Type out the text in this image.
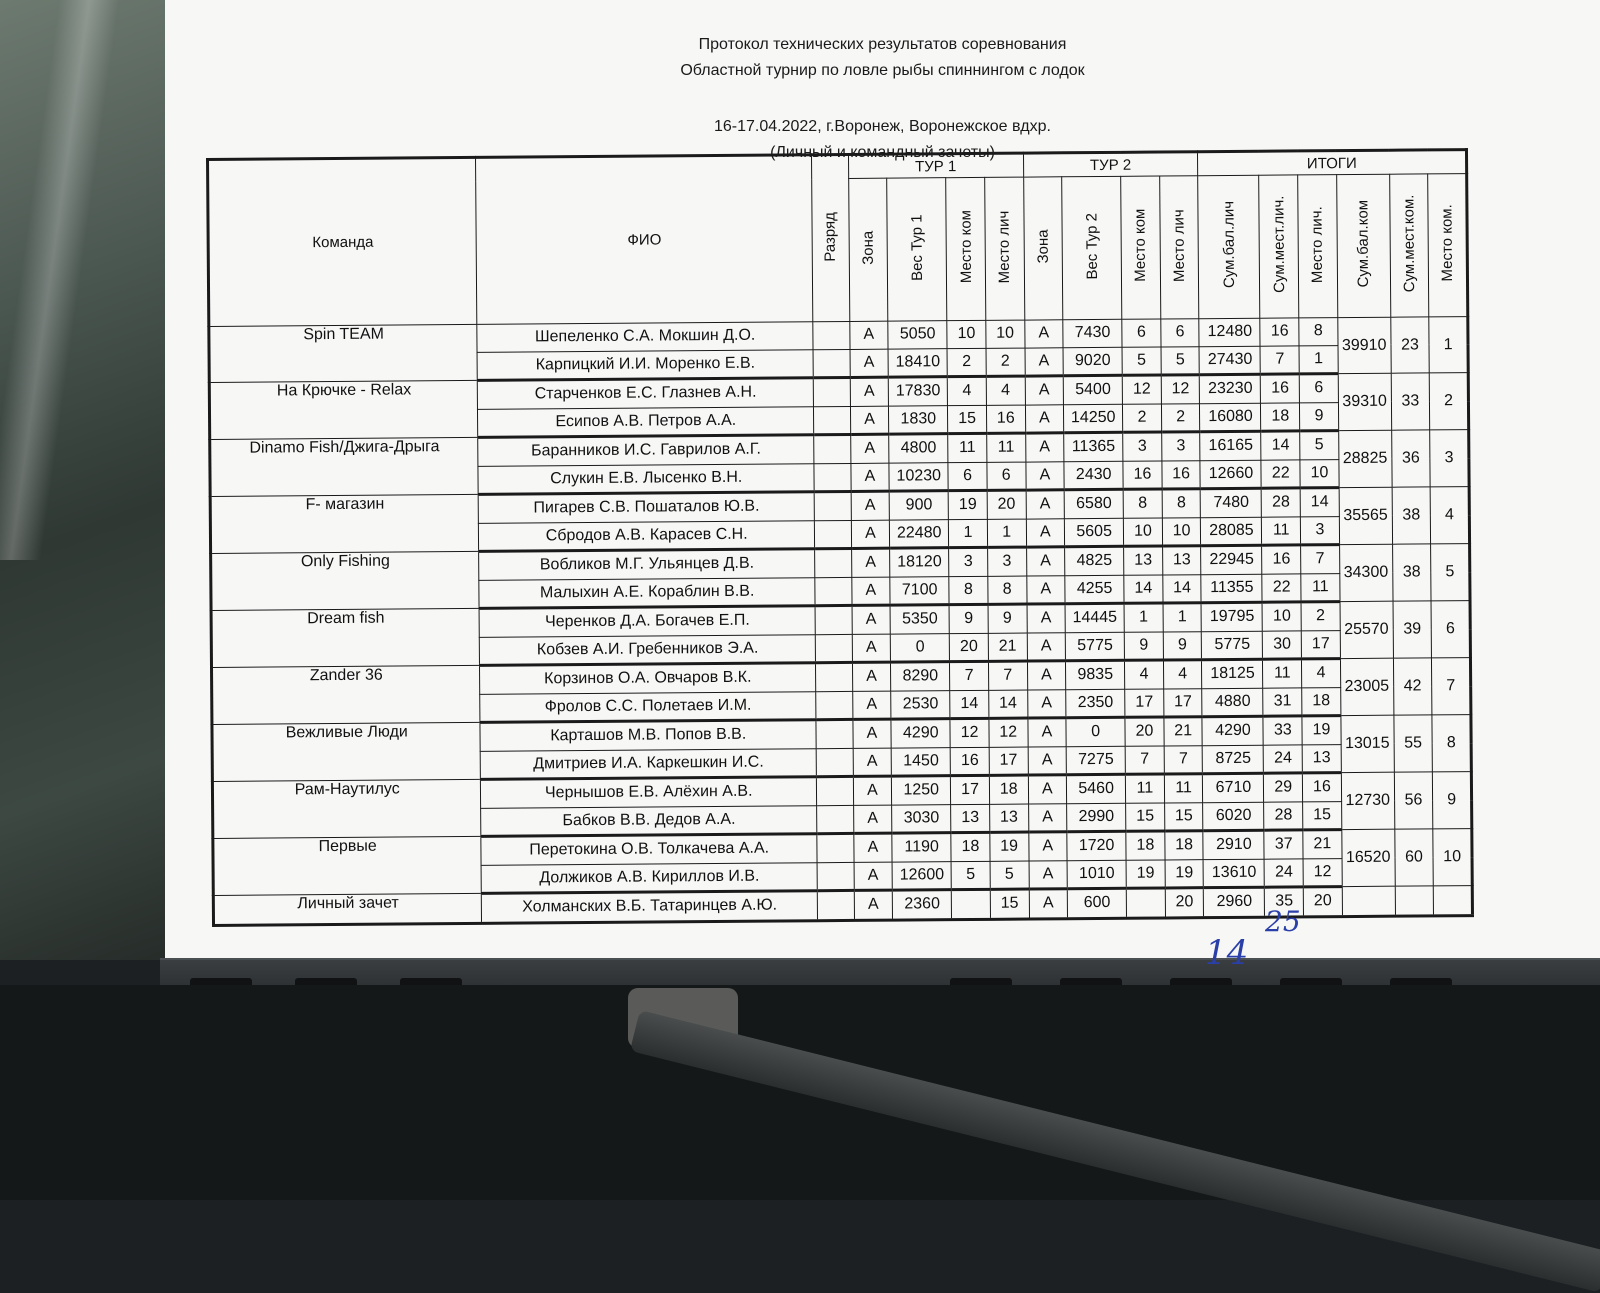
Протокол технических результатов соревнования
Областной турнир по ловле рыбы спиннингом с лодок
16-17.04.2022, г.Воронеж, Воронежское вдхр.
(Личный и командный зачеты)
Команда	ФИО	Разряд	ТУР 1				ТУР 2				ИТОГИ					
			Зона	Вес Тур 1	Место ком	Место лич	Зона	Вес Тур 2	Место ком	Место лич	Сум.бал.лич	Сум.мест.лич.	Место лич.	Сум.бал.ком	Сум.мест.ком.	Место ком.
Spin TEAM	Шепеленко С.А. Мокшин Д.О.		A	5050	10	10	A	7430	6	6	12480	16	8	39910	23	1
	Карпицкий И.И. Моренко Е.В.		A	18410	2	2	A	9020	5	5	27430	7	1			
На Крючке - Relax	Старченков Е.С. Глазнев А.Н.		A	17830	4	4	A	5400	12	12	23230	16	6	39310	33	2
	Есипов А.В. Петров А.А.		A	1830	15	16	A	14250	2	2	16080	18	9			
Dinamo Fish/Джига-Дрыга	Баранников И.С. Гаврилов А.Г.		A	4800	11	11	A	11365	3	3	16165	14	5	28825	36	3
	Слукин Е.В. Лысенко В.Н.		A	10230	6	6	A	2430	16	16	12660	22	10			
F- магазин	Пигарев С.В. Пошаталов Ю.В.		A	900	19	20	A	6580	8	8	7480	28	14	35565	38	4
	Сбродов А.В. Карасев С.Н.		A	22480	1	1	A	5605	10	10	28085	11	3			
Only Fishing	Вобликов М.Г. Ульянцев Д.В.		A	18120	3	3	A	4825	13	13	22945	16	7	34300	38	5
	Малыхин А.Е. Кораблин В.В.		A	7100	8	8	A	4255	14	14	11355	22	11			
Dream fish	Черенков Д.А. Богачев Е.П.		A	5350	9	9	A	14445	1	1	19795	10	2	25570	39	6
	Кобзев А.И. Гребенников Э.А.		A	0	20	21	A	5775	9	9	5775	30	17			
Zander 36	Корзинов О.А. Овчаров В.К.		A	8290	7	7	A	9835	4	4	18125	11	4	23005	42	7
	Фролов С.С. Полетаев И.М.		A	2530	14	14	A	2350	17	17	4880	31	18			
Вежливые Люди	Карташов М.В. Попов В.В.		A	4290	12	12	A	0	20	21	4290	33	19	13015	55	8
	Дмитриев И.А. Каркешкин И.С.		A	1450	16	17	A	7275	7	7	8725	24	13			
Рам-Наутилус	Чернышов Е.В. Алёхин А.В.		A	1250	17	18	A	5460	11	11	6710	29	16	12730	56	9
	Бабков В.В. Дедов А.А.		A	3030	13	13	A	2990	15	15	6020	28	15			
Первые	Перетокина О.В. Толкачева А.А.		A	1190	18	19	A	1720	18	18	2910	37	21	16520	60	10
	Должиков А.В. Кириллов И.В.		A	12600	5	5	A	1010	19	19	13610	24	12			
Личный зачет	Холманских В.Б. Татаринцев А.Ю.		A	2360		15	A	600		20	2960	35	20			
14
25
